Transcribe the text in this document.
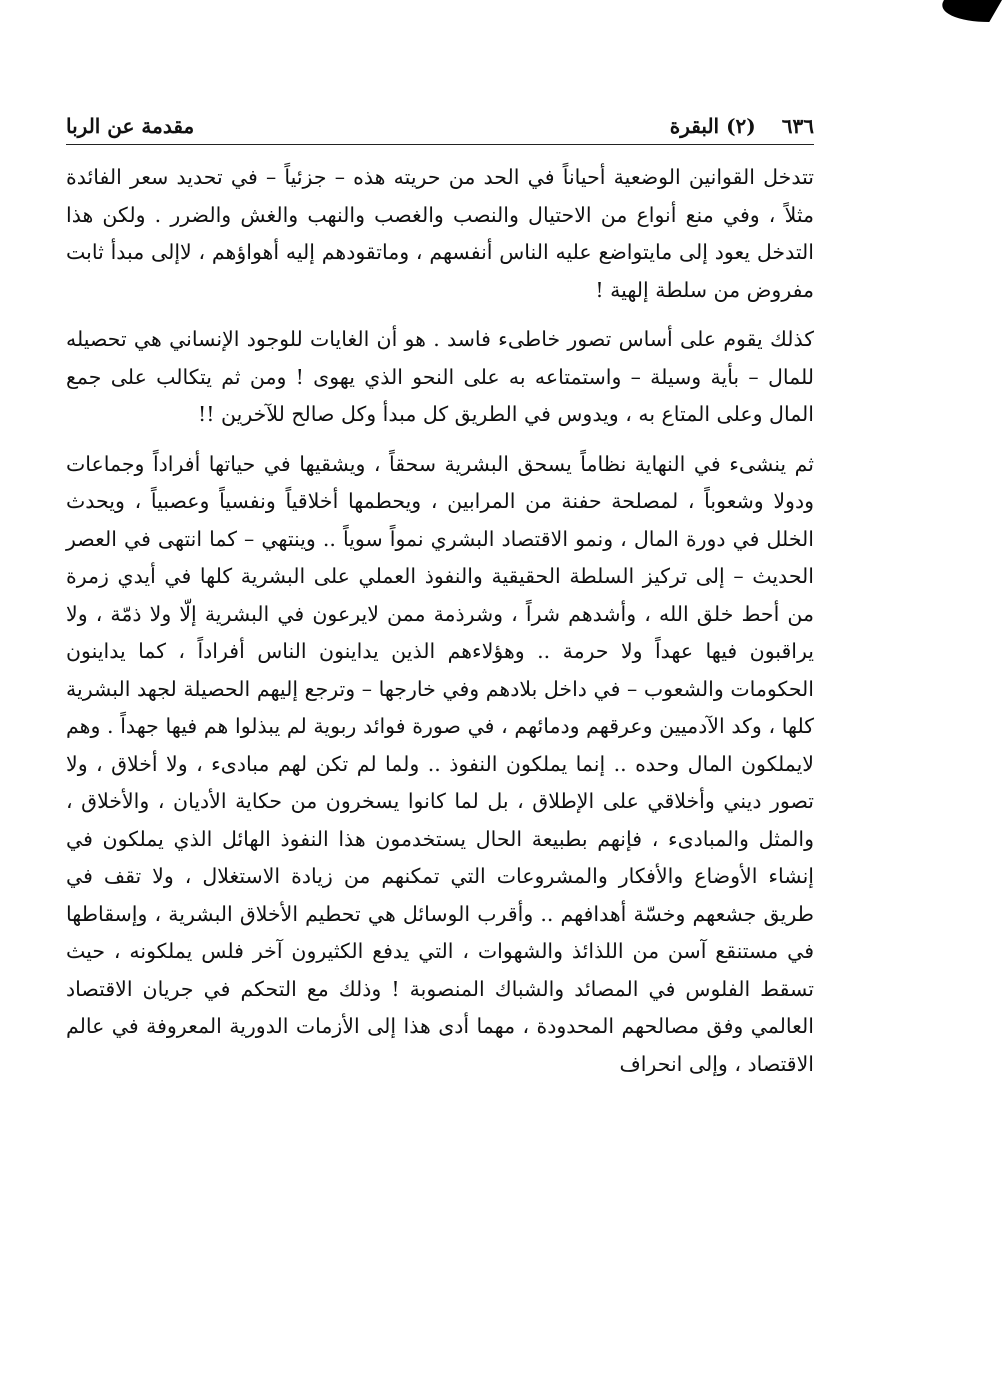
٦٣٦
(٢) البقرة
مقدمة عن الربا

تتدخل القوانين الوضعية أحياناً في الحد من حريته هذه – جزئياً – في تحديد سعر الفائدة مثلاً ، وفي منع أنواع من الاحتيال والنصب والغصب والنهب والغش والضرر . ولكن هذا التدخل يعود إلى مايتواضع عليه الناس أنفسهم ، وماتقودهم إليه أهواؤهم ، لاإلى مبدأ ثابت مفروض من سلطة إلهية !

كذلك يقوم على أساس تصور خاطىء فاسد . هو أن الغايات للوجود الإنساني هي تحصيله للمال – بأية وسيلة – واستمتاعه به على النحو الذي يهوى ! ومن ثم يتكالب على جمع المال وعلى المتاع به ، ويدوس في الطريق كل مبدأ وكل صالح للآخرين !!

ثم ينشىء في النهاية نظاماً يسحق البشرية سحقاً ، ويشقيها في حياتها أفراداً وجماعات ودولا وشعوباً ، لمصلحة حفنة من المرابين ، ويحطمها أخلاقياً ونفسياً وعصبياً ، ويحدث الخلل في دورة المال ، ونمو الاقتصاد البشري نمواً سوياً .. وينتهي – كما انتهى في العصر الحديث – إلى تركيز السلطة الحقيقية والنفوذ العملي على البشرية كلها في أيدي زمرة من أحط خلق الله ، وأشدهم شراً ، وشرذمة ممن لايرعون في البشرية إلّا ولا ذمّة ، ولا يراقبون فيها عهداً ولا حرمة .. وهؤلاءهم الذين يداينون الناس أفراداً ، كما يداينون الحكومات والشعوب – في داخل بلادهم وفي خارجها – وترجع إليهم الحصيلة لجهد البشرية كلها ، وكد الآدميين وعرقهم ودمائهم ، في صورة فوائد ربوية لم يبذلوا هم فيها جهداً . وهم لايملكون المال وحده .. إنما يملكون النفوذ .. ولما لم تكن لهم مبادىء ، ولا أخلاق ، ولا تصور ديني وأخلاقي على الإطلاق ، بل لما كانوا يسخرون من حكاية الأديان ، والأخلاق ، والمثل والمبادىء ، فإنهم بطبيعة الحال يستخدمون هذا النفوذ الهائل الذي يملكون في إنشاء الأوضاع والأفكار والمشروعات التي تمكنهم من زيادة الاستغلال ، ولا تقف في طريق جشعهم وخسّة أهدافهم .. وأقرب الوسائل هي تحطيم الأخلاق البشرية ، وإسقاطها في مستنقع آسن من اللذائذ والشهوات ، التي يدفع الكثيرون آخر فلس يملكونه ، حيث تسقط الفلوس في المصائد والشباك المنصوبة ! وذلك مع التحكم في جريان الاقتصاد العالمي وفق مصالحهم المحدودة ، مهما أدى هذا إلى الأزمات الدورية المعروفة في عالم الاقتصاد ، وإلى انحراف
